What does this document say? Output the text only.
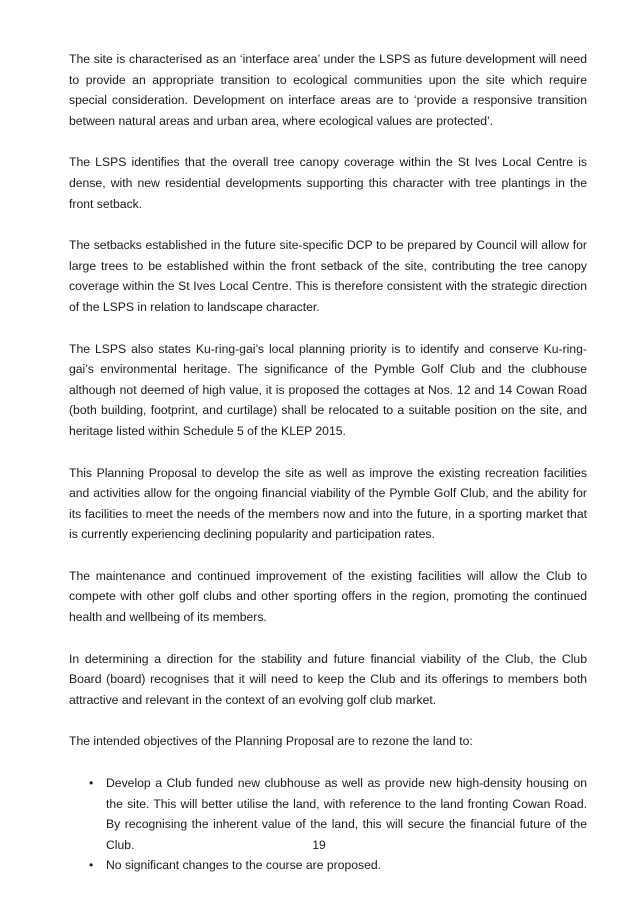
The site is characterised as an ‘interface area’ under the LSPS as future development will need to provide an appropriate transition to ecological communities upon the site which require special consideration. Development on interface areas are to ‘provide a responsive transition between natural areas and urban area, where ecological values are protected’.

The LSPS identifies that the overall tree canopy coverage within the St Ives Local Centre is dense, with new residential developments supporting this character with tree plantings in the front setback.

The setbacks established in the future site-specific DCP to be prepared by Council will allow for large trees to be established within the front setback of the site, contributing the tree canopy coverage within the St Ives Local Centre. This is therefore consistent with the strategic direction of the LSPS in relation to landscape character.

The LSPS also states Ku-ring-gai’s local planning priority is to identify and conserve Ku-ring-gai’s environmental heritage. The significance of the Pymble Golf Club and the clubhouse although not deemed of high value, it is proposed the cottages at Nos. 12 and 14 Cowan Road (both building, footprint, and curtilage) shall be relocated to a suitable position on the site, and heritage listed within Schedule 5 of the KLEP 2015.

This Planning Proposal to develop the site as well as improve the existing recreation facilities and activities allow for the ongoing financial viability of the Pymble Golf Club, and the ability for its facilities to meet the needs of the members now and into the future, in a sporting market that is currently experiencing declining popularity and participation rates.

The maintenance and continued improvement of the existing facilities will allow the Club to compete with other golf clubs and other sporting offers in the region, promoting the continued health and wellbeing of its members.

In determining a direction for the stability and future financial viability of the Club, the Club Board (board) recognises that it will need to keep the Club and its offerings to members both attractive and relevant in the context of an evolving golf club market.

The intended objectives of the Planning Proposal are to rezone the land to:

• Develop a Club funded new clubhouse as well as provide new high-density housing on the site. This will better utilise the land, with reference to the land fronting Cowan Road. By recognising the inherent value of the land, this will secure the financial future of the Club.
• No significant changes to the course are proposed.
19
